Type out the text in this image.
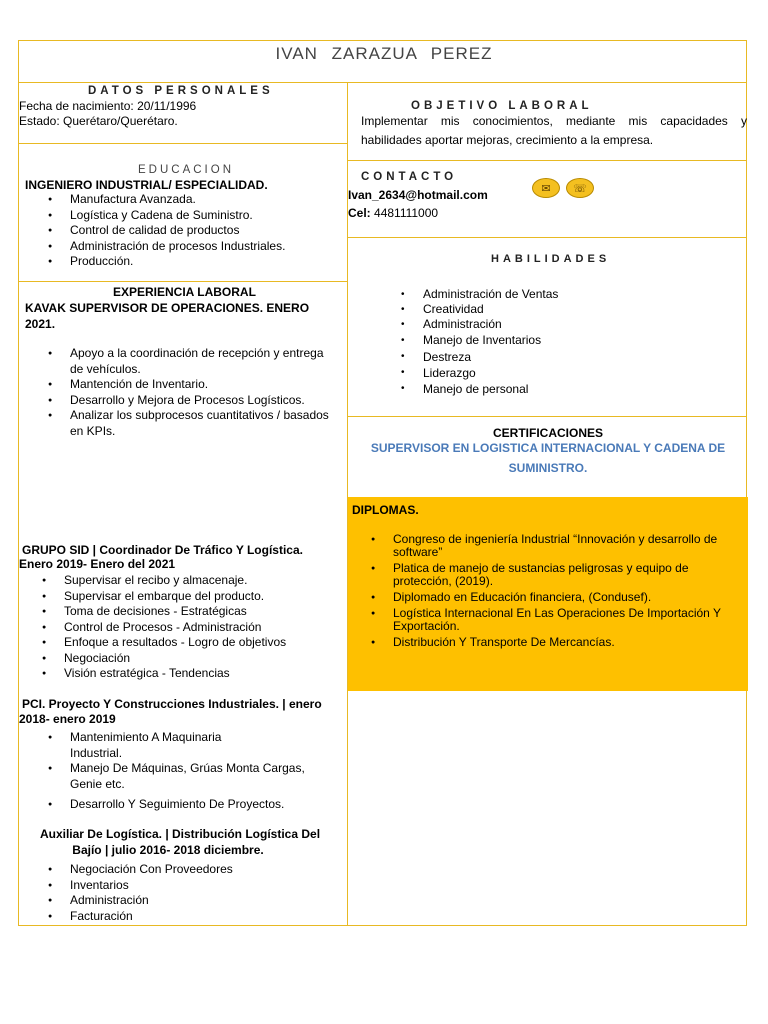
IVAN ZARAZUA PEREZ
DATOS PERSONALES
Fecha de nacimiento: 20/11/1996
Estado: Querétaro/Querétaro.
OBJETIVO LABORAL
Implementar mis conocimientos, mediante mis capacidades y
habilidades aportar mejoras, crecimiento a la empresa.
EDUCACION
INGENIERO INDUSTRIAL/ ESPECIALIDAD.
● Manufactura Avanzada.
● Logística y Cadena de Suministro.
● Control de calidad de productos
● Administración de procesos Industriales.
● Producción.
CONTACTO
Ivan_2634@hotmail.com
Cel: 4481111000
✉	☏
HABILIDADES
• Administración de Ventas
• Creatividad
• Administración
• Manejo de Inventarios
• Destreza
• Liderazgo
• Manejo de personal
EXPERIENCIA LABORAL
KAVAK SUPERVISOR DE OPERACIONES. ENERO
2021.
● Apoyo a la coordinación de recepción y entrega
de vehículos.
● Mantención de Inventario.
● Desarrollo y Mejora de Procesos Logísticos.
● Analizar los subprocesos cuantitativos / basados
en KPIs.
GRUPO SID | Coordinador De Tráfico Y Logística.
Enero 2019- Enero del 2021
● Supervisar el recibo y almacenaje.
● Supervisar el embarque del producto.
● Toma de decisiones - Estratégicas
● Control de Procesos - Administración
● Enfoque a resultados - Logro de objetivos
● Negociación
● Visión estratégica - Tendencias
PCI. Proyecto Y Construcciones Industriales. | enero
2018- enero 2019
● Mantenimiento A Maquinaria
Industrial.
● Manejo De Máquinas, Grúas Monta Cargas,
Genie etc.
● Desarrollo Y Seguimiento De Proyectos.
Auxiliar De Logística. | Distribución Logística Del
Bajío | julio 2016- 2018 diciembre.
● Negociación Con Proveedores
● Inventarios
● Administración
● Facturación
CERTIFICACIONES
SUPERVISOR EN LOGISTICA INTERNACIONAL Y CADENA DE
SUMINISTRO.
DIPLOMAS.
● Congreso de ingeniería Industrial “Innovación y desarrollo de
software”
● Platica de manejo de sustancias peligrosas y equipo de
protección, (2019).
● Diplomado en Educación financiera, (Condusef).
● Logística Internacional En Las Operaciones De Importación Y
Exportación.
● Distribución Y Transporte De Mercancías.
